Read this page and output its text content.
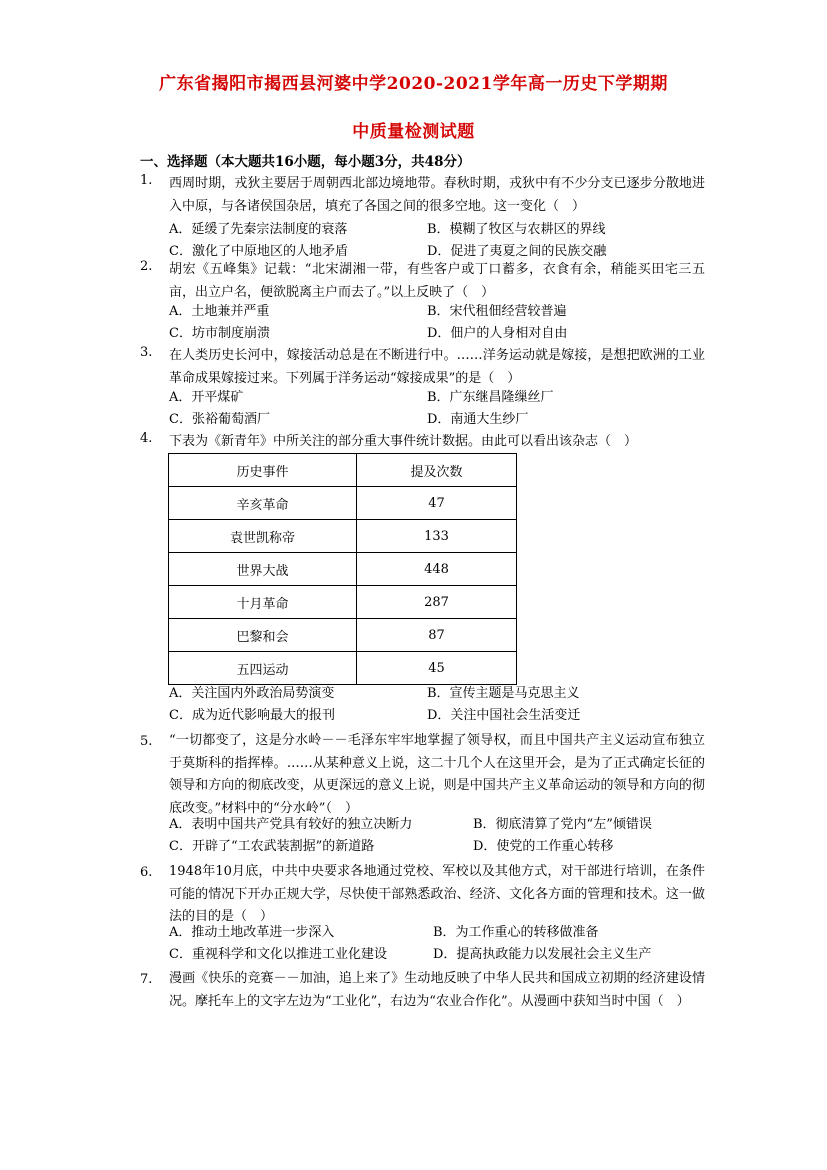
广东省揭阳市揭西县河婆中学2020-2021学年高一历史下学期期
中质量检测试题
一、选择题（本大题共16小题，每小题3分，共48分）
1.	西周时期，戎狄主要居于周朝西北部边境地带。春秋时期，戎狄中有不少分支已逐步分散地进入中原，与各诸侯国杂居，填充了各国之间的很多空地。这一变化（　）
A．延缓了先秦宗法制度的衰落	B．模糊了牧区与农耕区的界线
C．激化了中原地区的人地矛盾	D．促进了夷夏之间的民族交融
2.	胡宏《五峰集》记载：“北宋湖湘一带，有些客户或丁口蓄多，衣食有余，稍能买田宅三五亩，出立户名，便欲脱离主户而去了。”以上反映了（　）
A．土地兼并严重	B．宋代租佃经营较普遍
C．坊市制度崩溃	D．佃户的人身相对自由
3.	在人类历史长河中，嫁接活动总是在不断进行中。……洋务运动就是嫁接，是想把欧洲的工业革命成果嫁接过来。下列属于洋务运动“嫁接成果”的是（　）
A．开平煤矿	B．广东继昌隆缫丝厂
C．张裕葡萄酒厂	D．南通大生纱厂
4.	下表为《新青年》中所关注的部分重大事件统计数据。由此可以看出该杂志（　）
历史事件	提及次数
辛亥革命	47
袁世凯称帝	133
世界大战	448
十月革命	287
巴黎和会	87
五四运动	45
A．关注国内外政治局势演变	B．宣传主题是马克思主义
C．成为近代影响最大的报刊	D．关注中国社会生活变迁
5.	“一切都变了，这是分水岭－－毛泽东牢牢地掌握了领导权，而且中国共产主义运动宣布独立于莫斯科的指挥棒。……从某种意义上说，这二十几个人在这里开会，是为了正式确定长征的领导和方向的彻底改变，从更深远的意义上说，则是中国共产主义革命运动的领导和方向的彻底改变。”材料中的“分水岭”（　）
A．表明中国共产党具有较好的独立决断力	B．彻底清算了党内“左”倾错误
C．开辟了“工农武装割据”的新道路	D．使党的工作重心转移
6.	1948年10月底，中共中央要求各地通过党校、军校以及其他方式，对干部进行培训，在条件可能的情况下开办正规大学，尽快使干部熟悉政治、经济、文化各方面的管理和技术。这一做法的目的是（　）
A．推动土地改革进一步深入	B．为工作重心的转移做准备
C．重视科学和文化以推进工业化建设	D．提高执政能力以发展社会主义生产
7.	漫画《快乐的竞赛－－加油，追上来了》生动地反映了中华人民共和国成立初期的经济建设情况。摩托车上的文字左边为“工业化”，右边为“农业合作化”。从漫画中获知当时中国（　）
